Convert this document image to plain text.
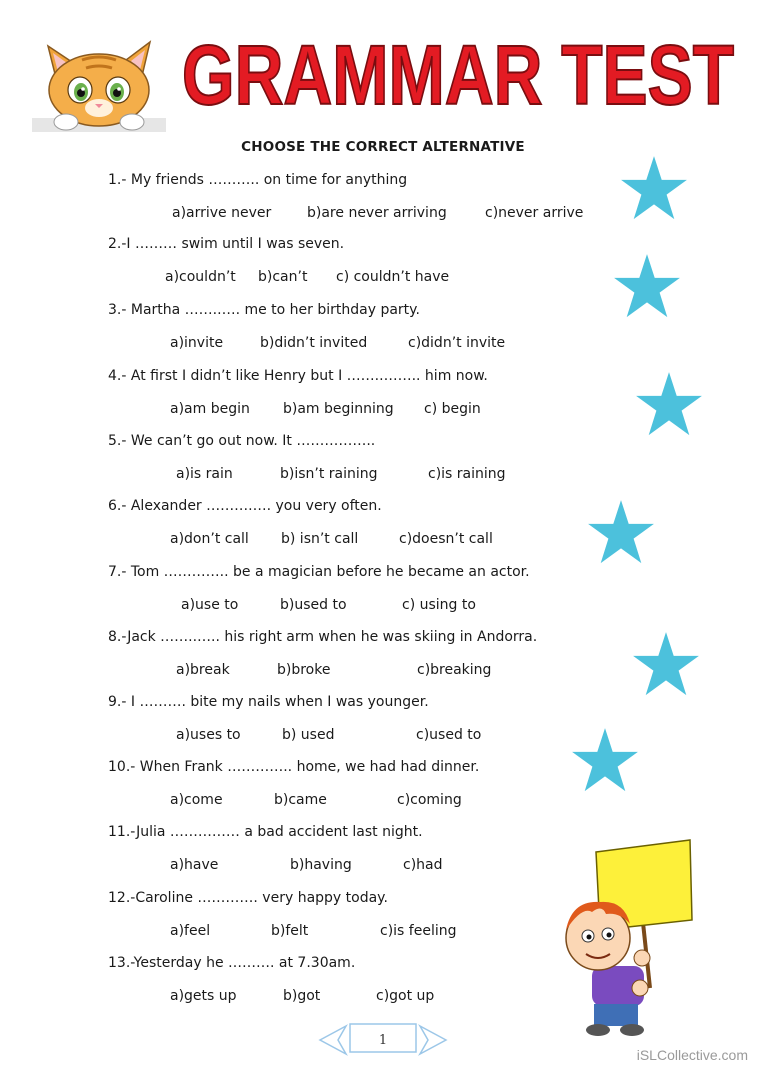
GRAMMAR TEST
CHOOSE THE CORRECT ALTERNATIVE
1.- My friends ……….. on time for anything
a)arrive never	b)are never arriving	c)never arrive
2.-I ……… swim until I was seven.
a)couldn’t b)can’t c) couldn’t have
3.- Martha ……..…. me to her birthday party.
a)invite	b)didn’t invited	c)didn’t invite
4.- At first I didn’t like Henry but I ……..…….. him now.
a)am begin b)am beginning c) begin
5.- We can’t go out now. It ……………..
a)is rain	b)isn’t raining	c)is raining
6.- Alexander ……….…. you very often.
a)don’t call b) isn’t call	c)doesn’t call
7.- Tom ………….. be a magician before he became an actor.
a)use to	b)used to	c) using to
8.-Jack ……..….. his right arm when he was skiing in Andorra.
a)break	b)broke	c)breaking
9.- I ………. bite my nails when I was younger.
a)uses to	b) used	c)used to
10.- When Frank ………….. home, we had had dinner.
a)come	b)came	c)coming
11.-Julia …………… a bad accident last night.
a)have	b)having	c)had
12.-Caroline …………. very happy today.
a)feel	b)felt	c)is feeling
13.-Yesterday he ………. at 7.30am.
a)gets up	b)got	c)got up
1
iSLCollective.com
